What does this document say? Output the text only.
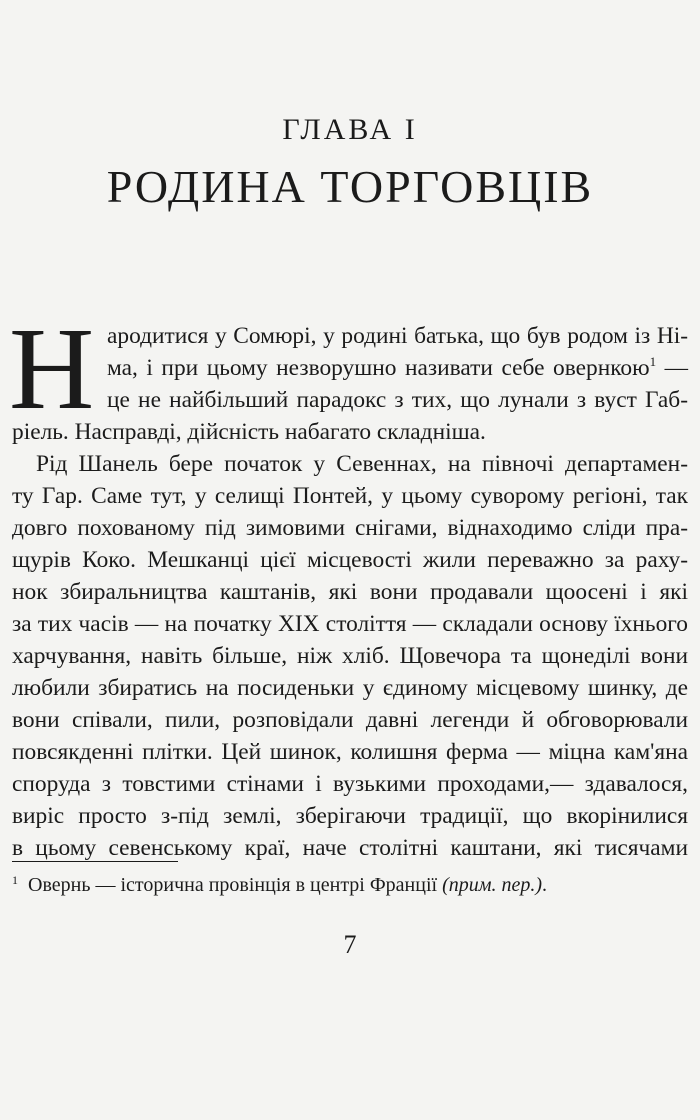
ГЛАВА I
РОДИНА ТОРГОВЦІВ
Н ародитися у Сомюрі, у родині батька, що був родом із Ні-
ма, і при цьому незворушно називати себе овернкою$^1$ —
це не найбільший парадокс з тих, що лунали з вуст Габ-
ріель. Насправді, дійсність набагато складніша.
Рід Шанель бере початок у Севеннах, на півночі департамен-
ту Гар. Саме тут, у селищі Понтей, у цьому суворому регіоні, так
довго похованому під зимовими снігами, віднаходимо сліди пра-
щурів Коко. Мешканці цієї місцевості жили переважно за раху-
нок збиральництва каштанів, які вони продавали щоосені і які
за тих часів — на початку XIX століття — складали основу їхнього
харчування, навіть більше, ніж хліб. Щовечора та щонеділі вони
любили збиратись на посиденьки у єдиному місцевому шинку, де
вони співали, пили, розповідали давні легенди й обговорювали
повсякденні плітки. Цей шинок, колишня ферма — міцна кам'яна
споруда з товстими стінами і вузькими проходами,— здавалося,
виріс просто з-під землі, зберігаючи традиції, що вкорінилися
в цьому севенському краї, наче столітні каштани, які тисячами
$^1$ Овернь — історична провінція в центрі Франції (прим. пер.).
7
